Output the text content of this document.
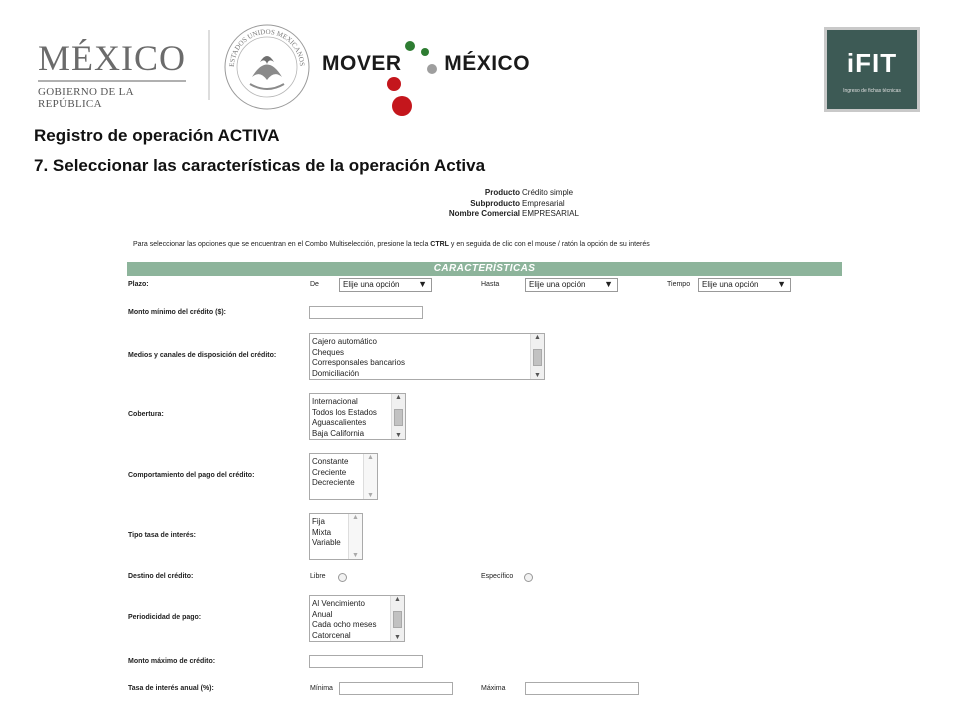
MÉXICO
GOBIERNO DE LA REPÚBLICA
ESTADOS UNIDOS MEXICANOS MOVER MÉXICO	iFIT
Ingreso de fichas técnicas
Registro de operación ACTIVA
7. Seleccionar las características de la operación Activa
Producto Crédito simple
Subproducto Empresarial
Nombre Comercial EMPRESARIAL
Para seleccionar las opciones que se encuentran en el Combo Multiselección, presione la tecla CTRL y en seguida de clic con el mouse / ratón la opción de su interés
CARACTERÍSTICAS
Plazo:	De	Elije una opción ▼	Hasta	Elije una opción ▼	Tiempo	Elije una opción ▼
Monto mínimo del crédito ($):
Medios y canales de disposición del crédito:
Cajero automático
Cheques
Corresponsales bancarios
Domiciliación
▲
▼
Cobertura:
Internacional
Todos los Estados
Aguascalientes
Baja California
▲
▼
Comportamiento del pago del crédito:
Constante
Creciente
Decreciente
▲
▼
Tipo tasa de interés:
Fija
Mixta
Variable
▲
▼
Destino del crédito:	Libre	Específico
Periodicidad de pago:
Al Vencimiento
Anual
Cada ocho meses
Catorcenal
▲
▼
Monto máximo de crédito:
Tasa de interés anual (%):	Mínima	Máxima
